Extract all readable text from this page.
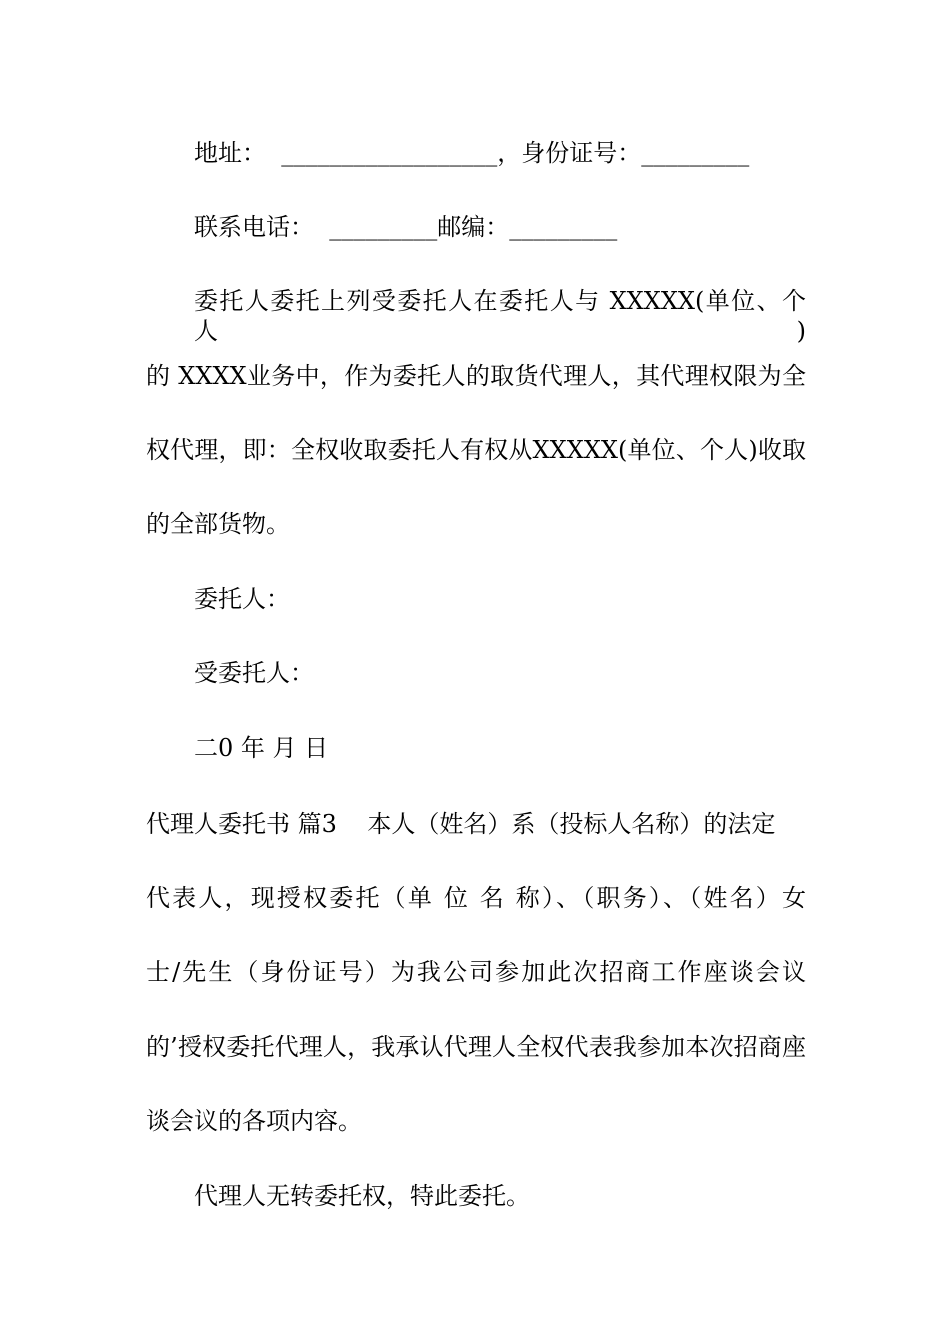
地址：  __________________，身份证号：_________
联系电话：  _________邮编：_________
委托人委托上列受委托人在委托人与 XXXXX(单位、个人)
的 XXXX业务中，作为委托人的取货代理人，其代理权限为全
权代理，即：全权收取委托人有权从XXXXX(单位、个人)收取
的全部货物。
委托人：
受委托人：
二0 年 月 日
代理人委托书 篇3    本人（姓名）系（投标人名称）的法定
代表人，现授权委托（单 位 名 称）、（职务）、（姓名）女
士/先生（身份证号）为我公司参加此次招商工作座谈会议
的’授权委托代理人，我承认代理人全权代表我参加本次招商座
谈会议的各项内容。
代理人无转委托权，特此委托。
